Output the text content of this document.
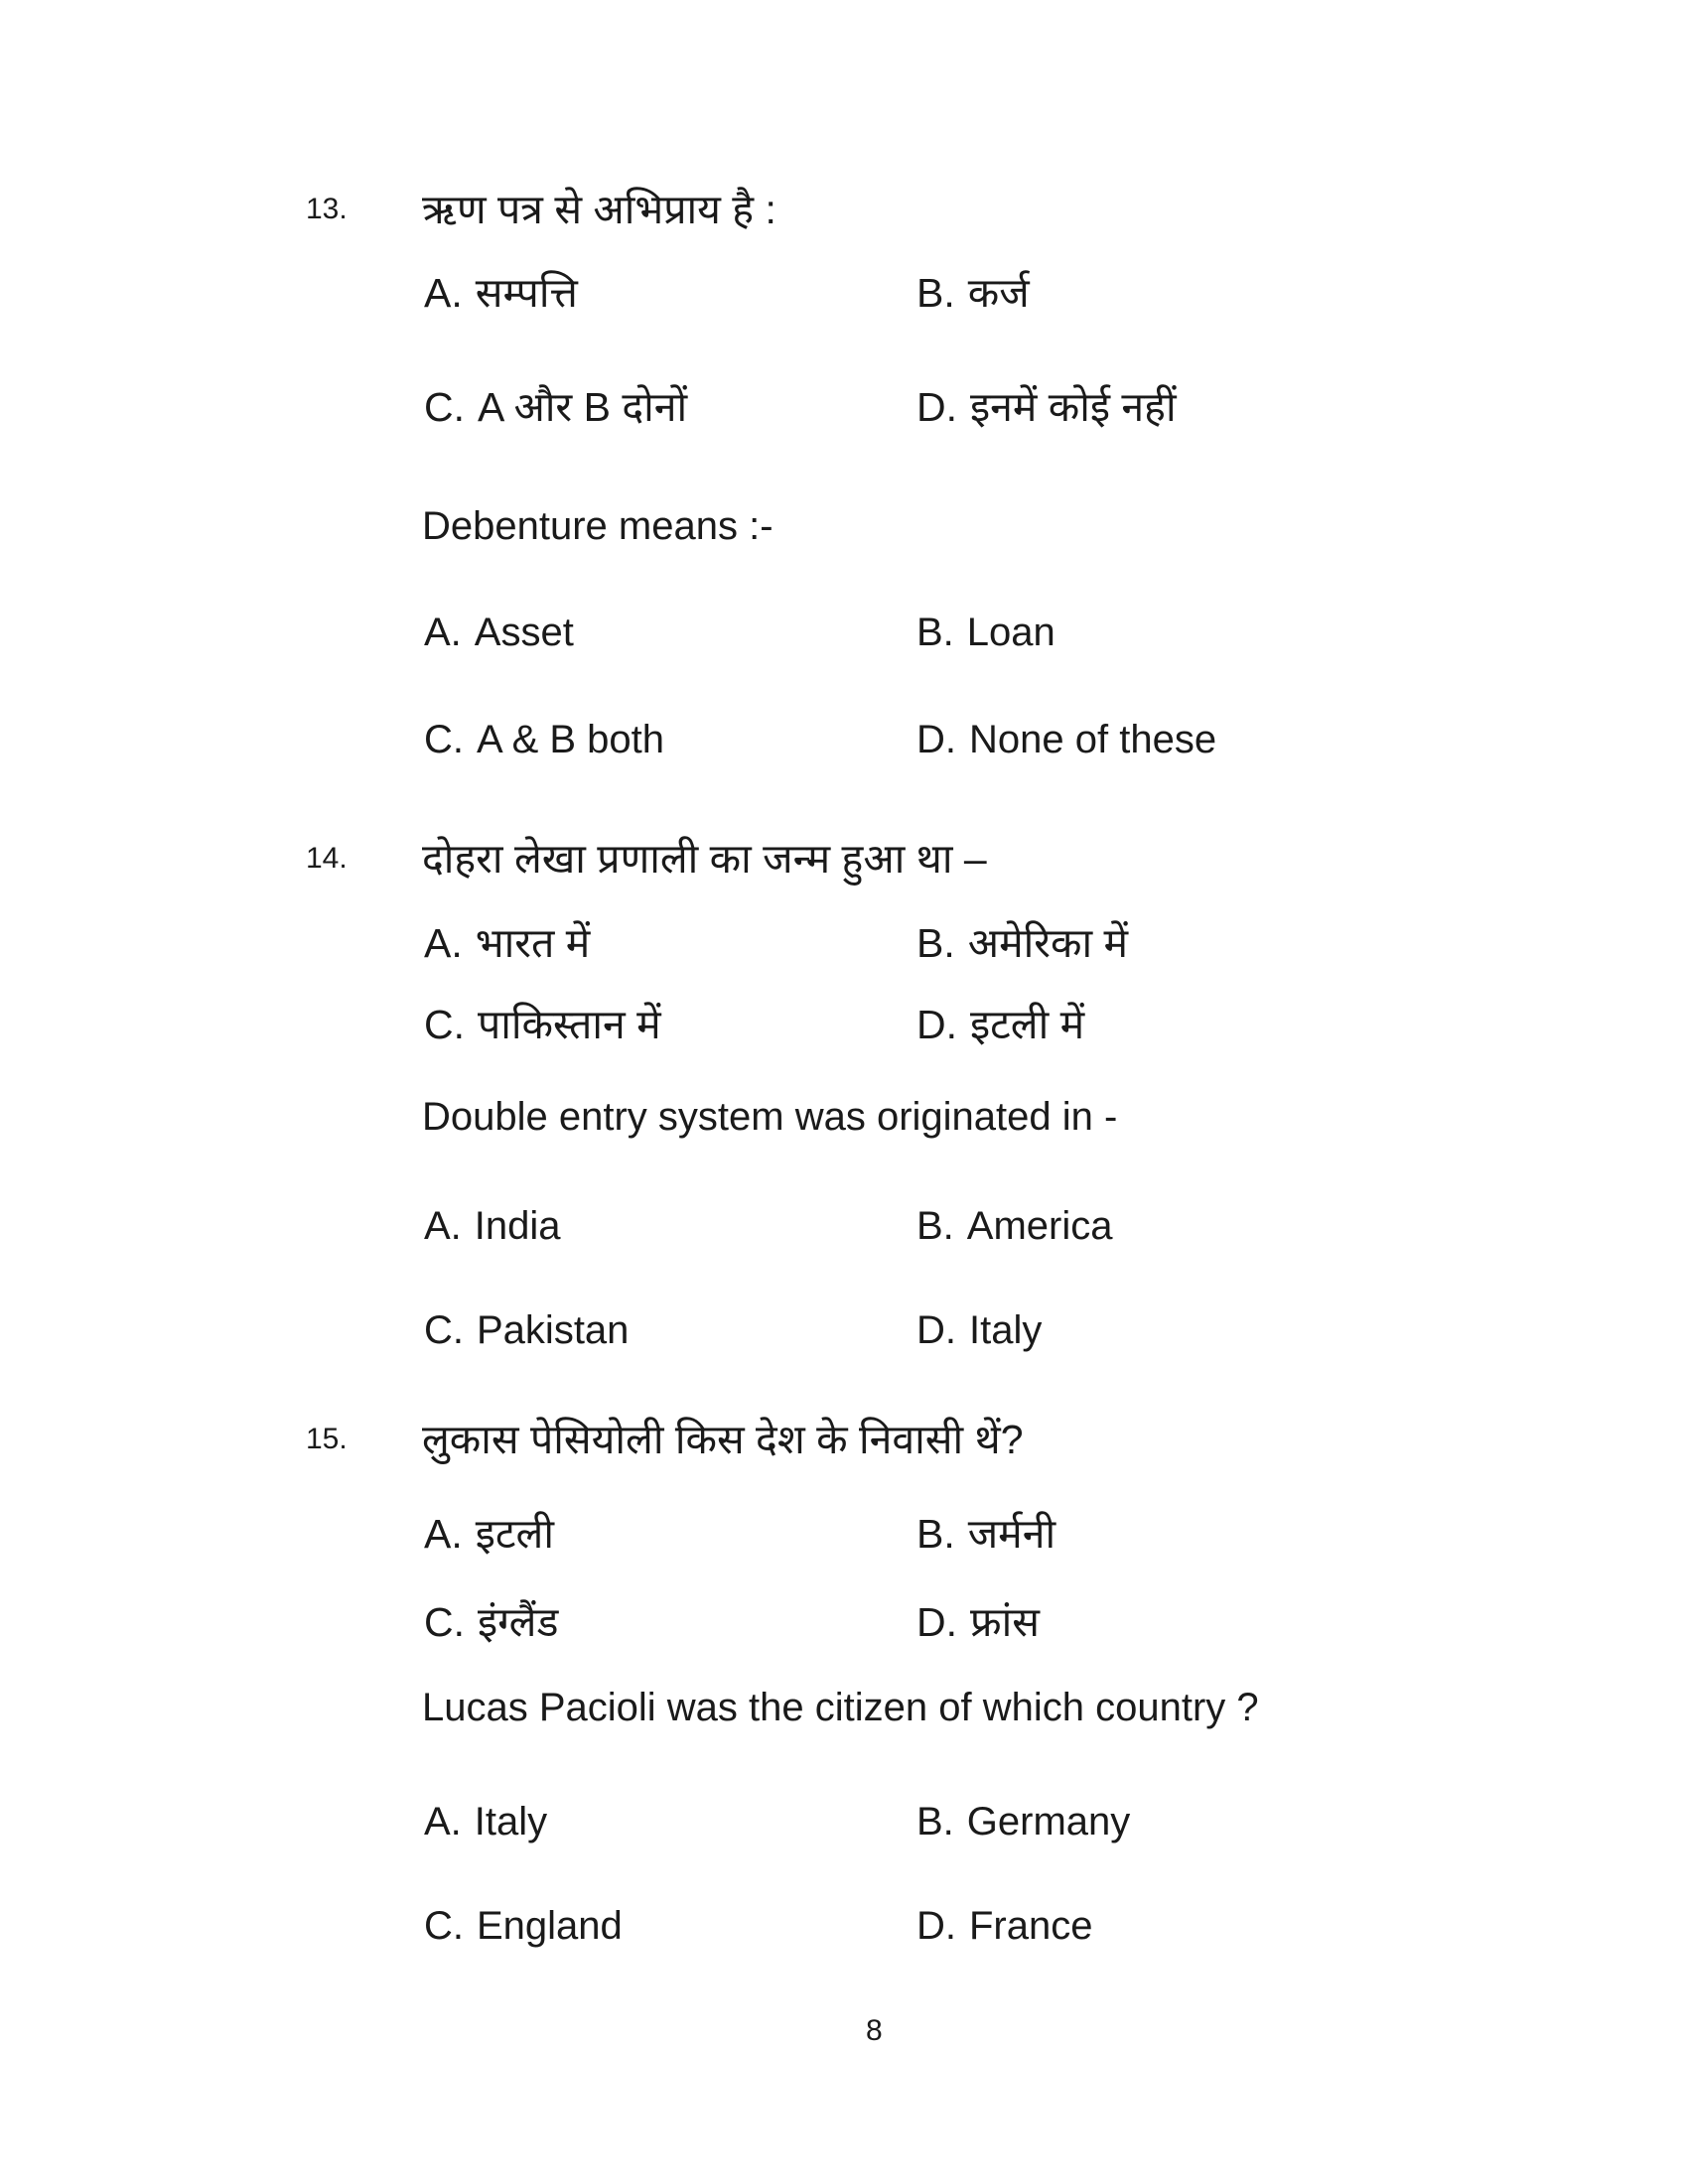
13. ऋण पत्र से अभिप्राय है :
A. सम्पत्ति	B. कर्ज
C. A और B दोनों	D. इनमें कोई नहीं
Debenture means :-
A. Asset	B. Loan
C. A & B both	D. None of these
14. दोहरा लेखा प्रणाली का जन्म हुआ था –
A. भारत में	B. अमेरिका में
C. पाकिस्तान में	D. इटली में
Double entry system was originated in -
A. India	B. America
C. Pakistan	D. Italy
15. लुकास पेसियोली किस देश के निवासी थें?
A. इटली	B. जर्मनी
C. इंग्लैंड	D. फ्रांस
Lucas Pacioli was the citizen of which country ?
A. Italy	B. Germany
C. England	D. France
8
